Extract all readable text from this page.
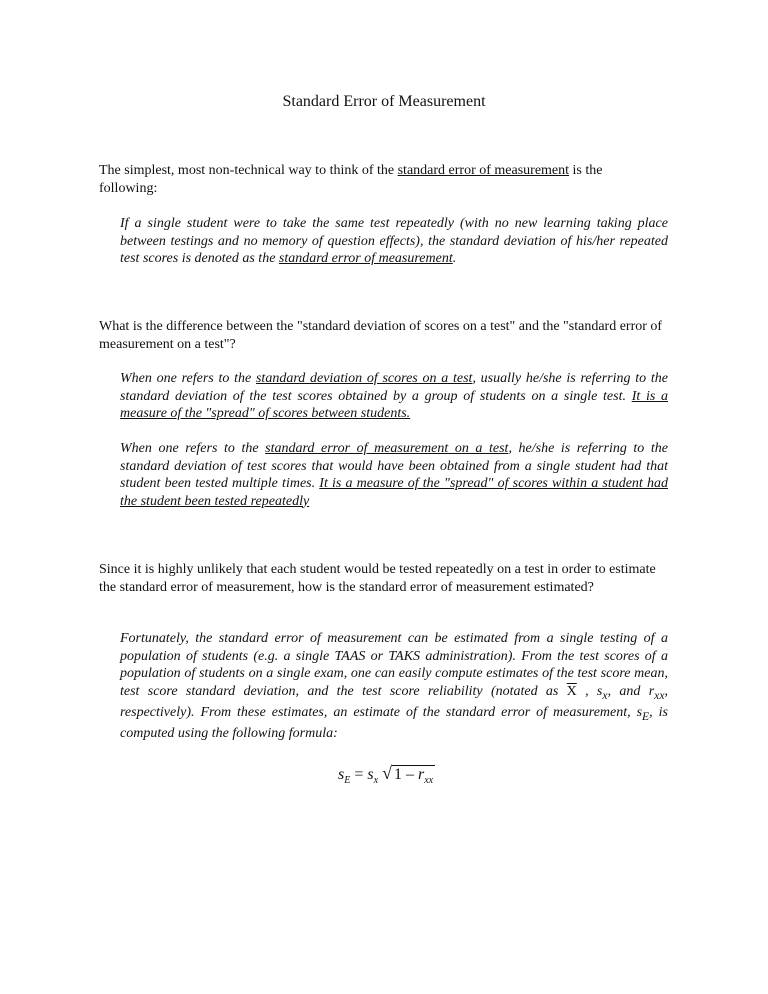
Standard Error of Measurement
The simplest, most non-technical way to think of the standard error of measurement is the following:
If a single student were to take the same test repeatedly (with no new learning taking place between testings and no memory of question effects), the standard deviation of his/her repeated test scores is denoted as the standard error of measurement.
What is the difference between the "standard deviation of scores on a test" and the "standard error of measurement on a test"?
When one refers to the standard deviation of scores on a test, usually he/she is referring to the standard deviation of the test scores obtained by a group of students on a single test. It is a measure of the "spread" of scores between students.
When one refers to the standard error of measurement on a test, he/she is referring to the standard deviation of test scores that would have been obtained from a single student had that student been tested multiple times. It is a measure of the "spread" of scores within a student had the student been tested repeatedly
Since it is highly unlikely that each student would be tested repeatedly on a test in order to estimate the standard error of measurement, how is the standard error of measurement estimated?
Fortunately, the standard error of measurement can be estimated from a single testing of a population of students (e.g. a single TAAS or TAKS administration). From the test scores of a population of students on a single exam, one can easily compute estimates of the test score mean, test score standard deviation, and the test score reliability (notated as $\overline{X}$ , $s_x$, and $r_{xx}$, respectively). From these estimates, an estimate of the standard error of measurement, $s_E$, is computed using the following formula:
$s_E = s_x$ √ $1 - r_{xx}$
